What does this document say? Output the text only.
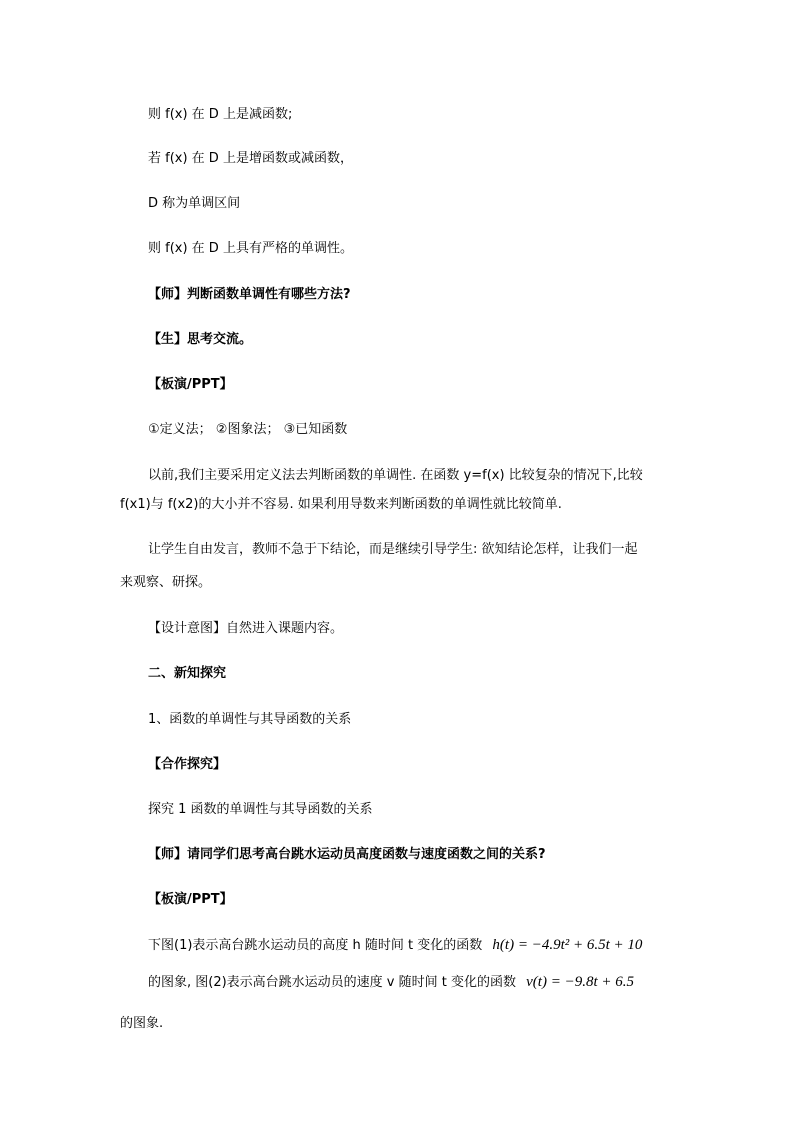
则 f(x) 在 D 上是减函数;
若 f(x) 在 D 上是增函数或减函数，
D 称为单调区间
则 f(x) 在 D 上具有严格的单调性。
【师】判断函数单调性有哪些方法?
【生】思考交流。
【板演/PPT】
①定义法； ②图象法； ③已知函数
以前,我们主要采用定义法去判断函数的单调性. 在函数 y=f(x) 比较复杂的情况下,比较
f(x1)与 f(x2)的大小并不容易. 如果利用导数来判断函数的单调性就比较简单.
让学生自由发言，教师不急于下结论，而是继续引导学生: 欲知结论怎样，让我们一起
来观察、研探。
【设计意图】自然进入课题内容。
二、新知探究
1、函数的单调性与其导函数的关系
【合作探究】
探究 1 函数的单调性与其导函数的关系
【师】请同学们思考高台跳水运动员高度函数与速度函数之间的关系?
【板演/PPT】
下图(1)表示高台跳水运动员的高度 h 随时间 t 变化的函数 h(t) = −4.9t² + 6.5t + 10
的图象, 图(2)表示高台跳水运动员的速度 v 随时间 t 变化的函数 v(t) = −9.8t + 6.5
的图象.
